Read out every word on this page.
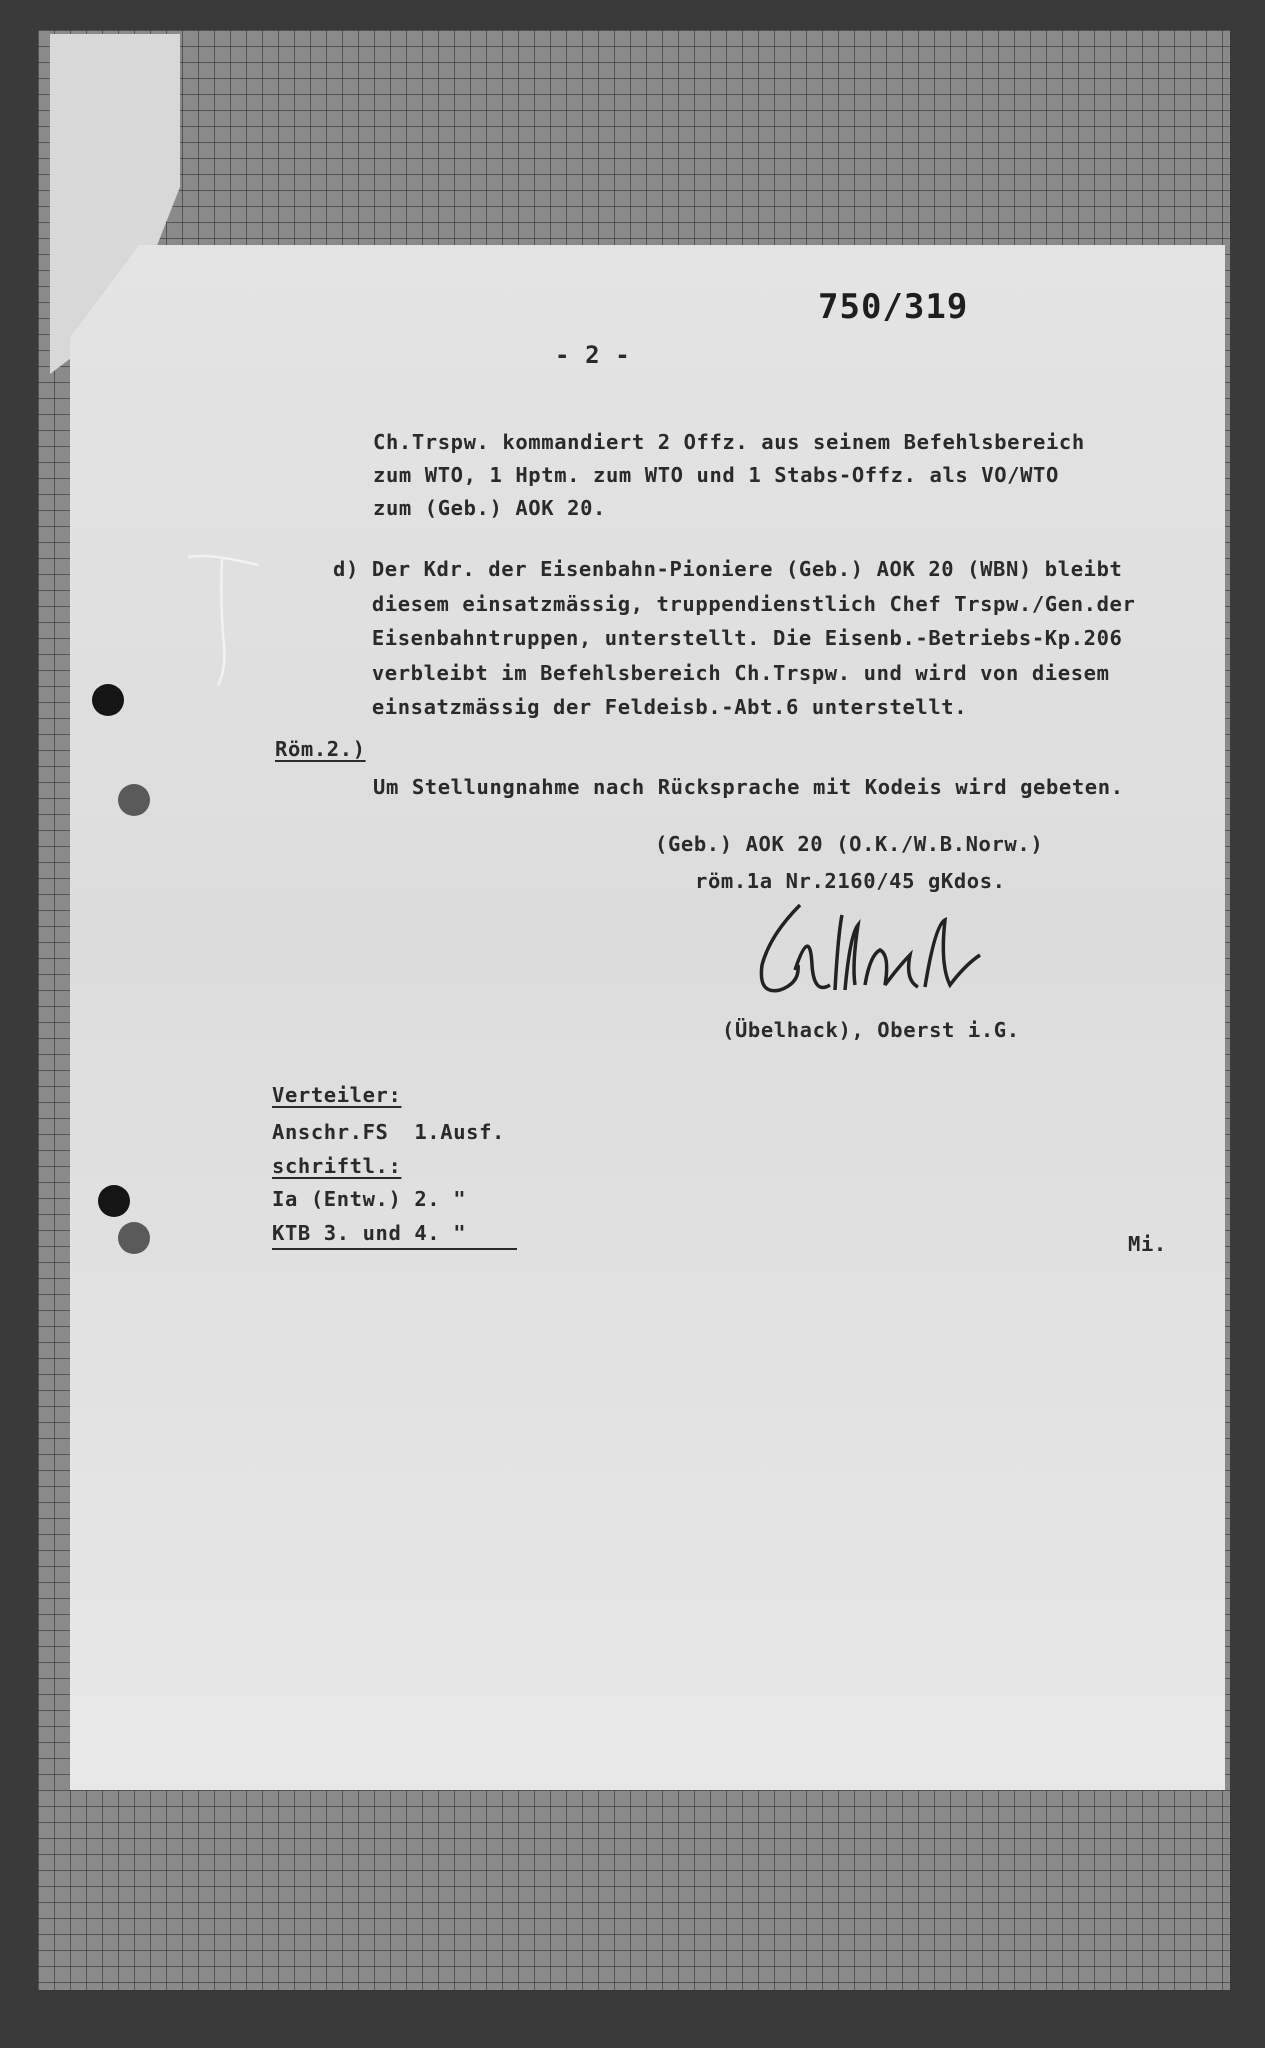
750/319
- 2 -
Ch.Trspw. kommandiert 2 Offz. aus seinem Befehlsbereich
zum WTO, 1 Hptm. zum WTO und 1 Stabs-Offz. als VO/WTO
zum (Geb.) AOK 20.
d) Der Kdr. der Eisenbahn-Pioniere (Geb.) AOK 20 (WBN) bleibt
diesem einsatzmässig, truppendienstlich Chef Trspw./Gen.der
Eisenbahntruppen, unterstellt. Die Eisenb.-Betriebs-Kp.206
verbleibt im Befehlsbereich Ch.Trspw. und wird von diesem
einsatzmässig der Feldeisb.-Abt.6 unterstellt.
Röm.2.)
Um Stellungnahme nach Rücksprache mit Kodeis wird gebeten.
(Geb.) AOK 20 (O.K./W.B.Norw.)
röm.1a Nr.2160/45 gKdos.
(Übelhack), Oberst i.G.
Verteiler:
Anschr.FS  1.Ausf.
schriftl.:
Ia (Entw.) 2. "
KTB 3. und 4. "	Mi.
